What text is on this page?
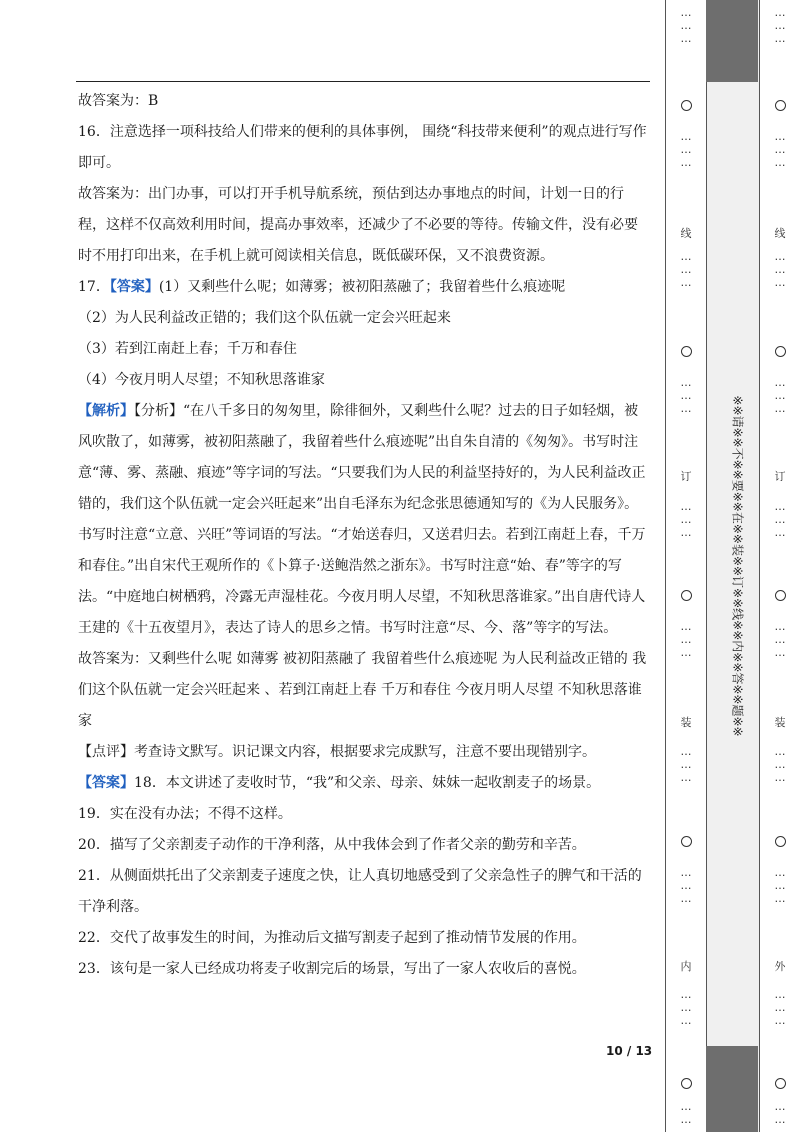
故答案为：B

16．注意选择一项科技给人们带来的便利的具体事例， 围绕“科技带来便利”的观点进行写作即可。

故答案为：出门办事，可以打开手机导航系统，预估到达办事地点的时间，计划一日的行程，这样不仅高效利用时间，提高办事效率，还减少了不必要的等待。传输文件，没有必要时不用打印出来，在手机上就可阅读相关信息，既低碳环保，又不浪费资源。

17．【答案】(1）又剩些什么呢；如薄雾；被初阳蒸融了；我留着些什么痕迹呢

（2）为人民利益改正错的；我们这个队伍就一定会兴旺起来

（3）若到江南赶上春；千万和春住

（4）今夜月明人尽望；不知秋思落谁家

【解析】【分析】“在八千多日的匆匆里，除徘徊外，又剩些什么呢？过去的日子如轻烟，被风吹散了，如薄雾，被初阳蒸融了，我留着些什么痕迹呢”出自朱自清的《匆匆》。书写时注意“薄、雾、蒸融、痕迹”等字词的写法。“只要我们为人民的利益坚持好的，为人民利益改正错的，我们这个队伍就一定会兴旺起来”出自毛泽东为纪念张思德通知写的《为人民服务》。书写时注意“立意、兴旺”等词语的写法。“才始送春归，又送君归去。若到江南赶上春，千万和春住。”出自宋代王观所作的《卜算子·送鲍浩然之浙东》。书写时注意“始、春”等字的写法。“中庭地白树栖鸦，冷露无声湿桂花。今夜月明人尽望，不知秋思落谁家。”出自唐代诗人王建的《十五夜望月》，表达了诗人的思乡之情。书写时注意“尽、今、落”等字的写法。

故答案为：又剩些什么呢 如薄雾 被初阳蒸融了 我留着些什么痕迹呢 为人民利益改正错的 我们这个队伍就一定会兴旺起来 、若到江南赶上春 千万和春住 今夜月明人尽望 不知秋思落谁家

【点评】考查诗文默写。识记课文内容，根据要求完成默写，注意不要出现错别字。

【答案】18．本文讲述了麦收时节，“我”和父亲、母亲、妹妹一起收割麦子的场景。

19．实在没有办法；不得不这样。

20．描写了父亲割麦子动作的干净利落，从中我体会到了作者父亲的勤劳和辛苦。

21．从侧面烘托出了父亲割麦子速度之快，让人真切地感受到了父亲急性子的脾气和干活的干净利落。

22．交代了故事发生的时间，为推动后文描写割麦子起到了推动情节发展的作用。

23．该句是一家人已经成功将麦子收割完后的场景，写出了一家人农收后的喜悦。

10 / 13
…
…
…
…
…
…
线
…
…
…
…
…
…
订
…
…
…
…
…
…
装
…
…
…
…
…
…
内
…
…
…
…
…
※※请※※不※※要※※在※※装※※订※※线※※内※※答※※题※※
…
…
…
…
…
…
线
…
…
…
…
…
…
订
…
…
…
…
…
…
装
…
…
…
…
…
…
外
…
…
…
…
…
